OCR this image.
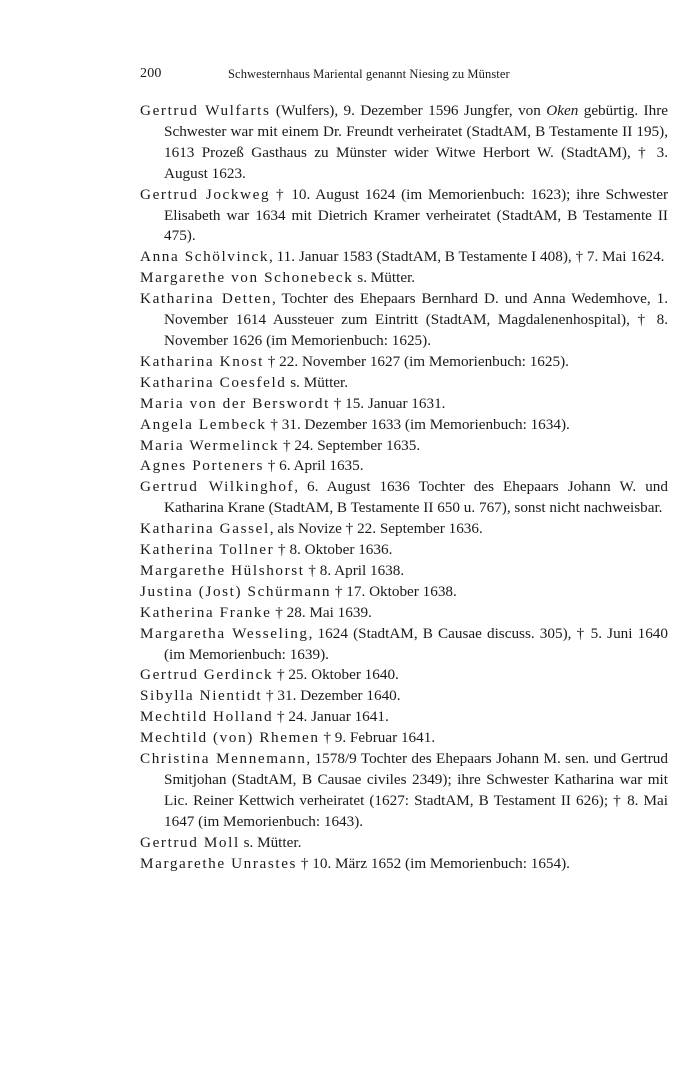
200	Schwesternhaus Mariental genannt Niesing zu Münster
Gertrud Wulfarts (Wulfers), 9. Dezember 1596 Jungfer, von Oken gebürtig. Ihre Schwester war mit einem Dr. Freundt verheiratet (StadtAM, B Testamente II 195), 1613 Prozeß Gasthaus zu Münster wider Witwe Herbort W. (StadtAM), † 3. August 1623.
Gertrud Jockweg † 10. August 1624 (im Memorienbuch: 1623); ihre Schwester Elisabeth war 1634 mit Dietrich Kramer verheiratet (StadtAM, B Testamente II 475).
Anna Schölvinck, 11. Januar 1583 (StadtAM, B Testamente I 408), † 7. Mai 1624.
Margarethe von Schonebeck s. Mütter.
Katharina Detten, Tochter des Ehepaars Bernhard D. und Anna Wedemhove, 1. November 1614 Aussteuer zum Eintritt (StadtAM, Magdalenenhospital), † 8. November 1626 (im Memorienbuch: 1625).
Katharina Knost † 22. November 1627 (im Memorienbuch: 1625).
Katharina Coesfeld s. Mütter.
Maria von der Berswordt † 15. Januar 1631.
Angela Lembeck † 31. Dezember 1633 (im Memorienbuch: 1634).
Maria Wermelinck † 24. September 1635.
Agnes Porteners † 6. April 1635.
Gertrud Wilkinghof, 6. August 1636 Tochter des Ehepaars Johann W. und Katharina Krane (StadtAM, B Testamente II 650 u. 767), sonst nicht nachweisbar.
Katharina Gassel, als Novize † 22. September 1636.
Katherina Tollner † 8. Oktober 1636.
Margarethe Hülshorst † 8. April 1638.
Justina (Jost) Schürmann † 17. Oktober 1638.
Katherina Franke † 28. Mai 1639.
Margaretha Wesseling, 1624 (StadtAM, B Causae discuss. 305), † 5. Juni 1640 (im Memorienbuch: 1639).
Gertrud Gerdinck † 25. Oktober 1640.
Sibylla Nientidt † 31. Dezember 1640.
Mechtild Holland † 24. Januar 1641.
Mechtild (von) Rhemen † 9. Februar 1641.
Christina Mennemann, 1578/9 Tochter des Ehepaars Johann M. sen. und Gertrud Smitjohan (StadtAM, B Causae civiles 2349); ihre Schwester Katharina war mit Lic. Reiner Kettwich verheiratet (1627: StadtAM, B Testament II 626); † 8. Mai 1647 (im Memorienbuch: 1643).
Gertrud Moll s. Mütter.
Margarethe Unrastes † 10. März 1652 (im Memorienbuch: 1654).
